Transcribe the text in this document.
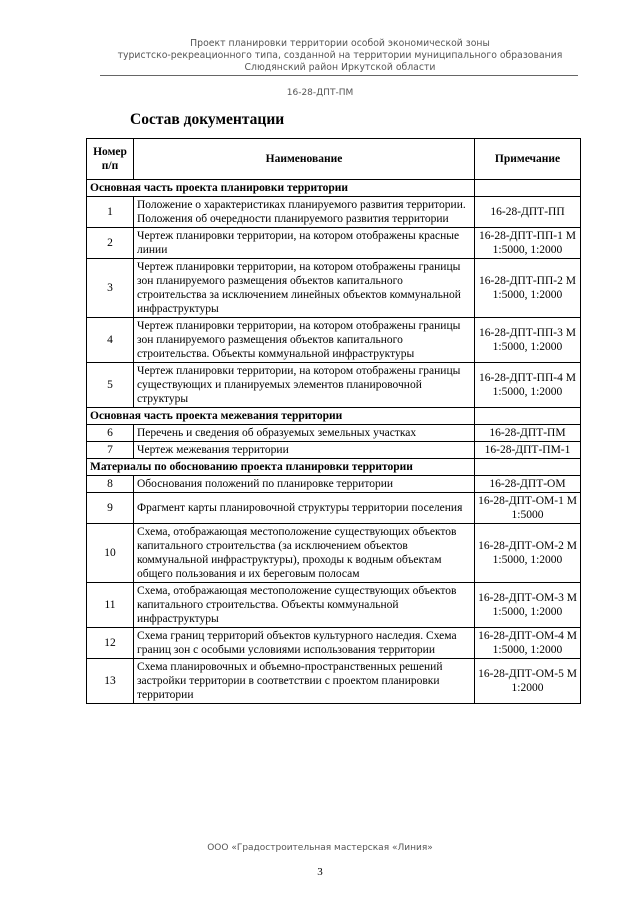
Проект планировки территории особой экономической зоны
туристско-рекреационного типа, созданной на территории муниципального образования
Слюдянский район Иркутской области
16-28-ДПТ-ПМ
Состав документации
Номер п/п	Наименование	Примечание
Основная часть проекта планировки территории		
1	Положение о характеристиках планируемого развития территории. Положения об очередности планируемого развития территории	16-28-ДПТ-ПП
2	Чертеж планировки территории, на котором отображены красные линии	16-28-ДПТ-ПП-1 М 1:5000, 1:2000
3	Чертеж планировки территории, на котором отображены границы зон планируемого размещения объектов капитального строительства за исключением линейных объектов коммунальной инфраструктуры	16-28-ДПТ-ПП-2 М 1:5000, 1:2000
4	Чертеж планировки территории, на котором отображены границы зон планируемого размещения объектов капитального строительства. Объекты коммунальной инфраструктуры	16-28-ДПТ-ПП-3 М 1:5000, 1:2000
5	Чертеж планировки территории, на котором отображены границы существующих и планируемых элементов планировочной структуры	16-28-ДПТ-ПП-4 М 1:5000, 1:2000
Основная часть проекта межевания территории		
6	Перечень и сведения об образуемых земельных участках	16-28-ДПТ-ПМ
7	Чертеж межевания территории	16-28-ДПТ-ПМ-1
Материалы по обоснованию проекта планировки территории		
8	Обоснования положений по планировке территории	16-28-ДПТ-ОМ
9	Фрагмент карты планировочной структуры территории поселения	16-28-ДПТ-ОМ-1 М 1:5000
10	Схема, отображающая местоположение существующих объектов капитального строительства (за исключением объектов коммунальной инфраструктуры), проходы к водным объектам общего пользования и их береговым полосам	16-28-ДПТ-ОМ-2 М 1:5000, 1:2000
11	Схема, отображающая местоположение существующих объектов капитального строительства. Объекты коммунальной инфраструктуры	16-28-ДПТ-ОМ-3 М 1:5000, 1:2000
12	Схема границ территорий объектов культурного наследия. Схема границ зон с особыми условиями использования территории	16-28-ДПТ-ОМ-4 М 1:5000, 1:2000
13	Схема планировочных и объемно-пространственных решений застройки территории в соответствии с проектом планировки территории	16-28-ДПТ-ОМ-5 М 1:2000
ООО «Градостроительная мастерская «Линия»
3
